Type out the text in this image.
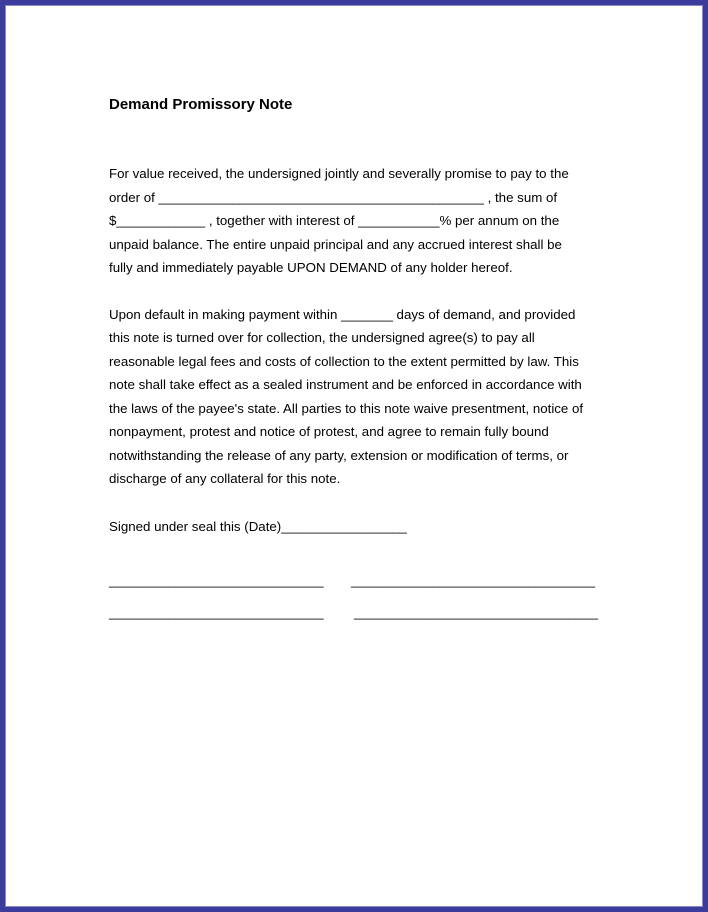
Demand Promissory Note

For value received, the undersigned jointly and severally promise to pay to the

order of ____________________________________________ , the sum of

$____________ , together with interest of ___________% per annum on the

unpaid balance. The entire unpaid principal and any accrued interest shall be

fully and immediately payable UPON DEMAND of any holder hereof.

Upon default in making payment within _______ days of demand, and provided

this note is turned over for collection, the undersigned agree(s) to pay all

reasonable legal fees and costs of collection to the extent permitted by law. This

note shall take effect as a sealed instrument and be enforced in accordance with

the laws of the payee's state. All parties to this note waive presentment, notice of

nonpayment, protest and notice of protest, and agree to remain fully bound

notwithstanding the release of any party, extension or modification of terms, or

discharge of any collateral for this note.

Signed under seal this (Date)_________________

_____________________________ _________________________________
_____________________________ _________________________________
